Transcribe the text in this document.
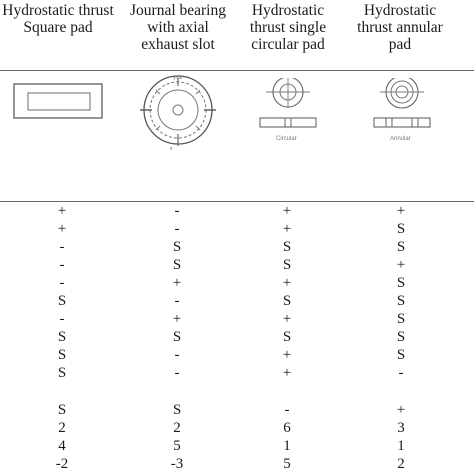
Hydrostatic thrust Square pad
Journal bearing with axial exhaust slot
Hydrostatic thrust single circular pad
Hydrostatic thrust annular pad
γmo
x
Circular	Annular
+	-	+	+
+	-	+	S
-	S	S	S
-	S	S	+
-	+	+	S
S	-	S	S
-	+	+	S
S	S	S	S
S	-	+	S
S	-	+	-
S	S	-	+
2	2	6	3
4	5	1	1
-2	-3	5	2
